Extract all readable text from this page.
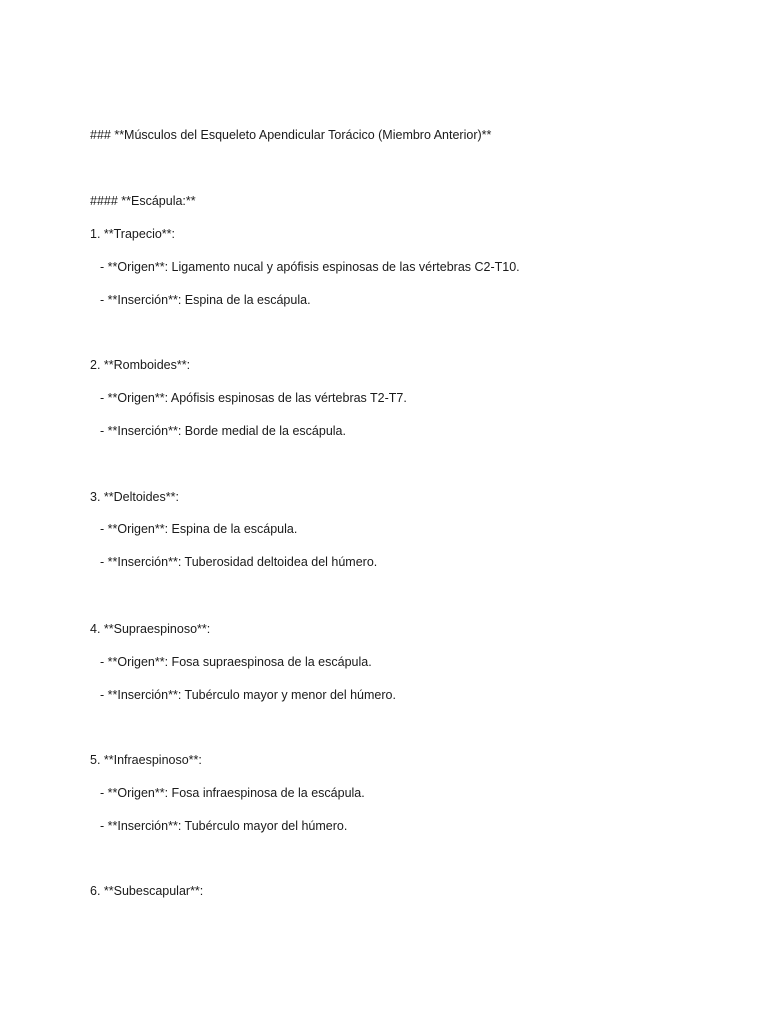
### **Músculos del Esqueleto Apendicular Torácico (Miembro Anterior)**
#### **Escápula:**
1. **Trapecio**:
- **Origen**: Ligamento nucal y apófisis espinosas de las vértebras C2-T10.
- **Inserción**: Espina de la escápula.
2. **Romboides**:
- **Origen**: Apófisis espinosas de las vértebras T2-T7.
- **Inserción**: Borde medial de la escápula.
3. **Deltoides**:
- **Origen**: Espina de la escápula.
- **Inserción**: Tuberosidad deltoidea del húmero.
4. **Supraespinoso**:
- **Origen**: Fosa supraespinosa de la escápula.
- **Inserción**: Tubérculo mayor y menor del húmero.
5. **Infraespinoso**:
- **Origen**: Fosa infraespinosa de la escápula.
- **Inserción**: Tubérculo mayor del húmero.
6. **Subescapular**:
